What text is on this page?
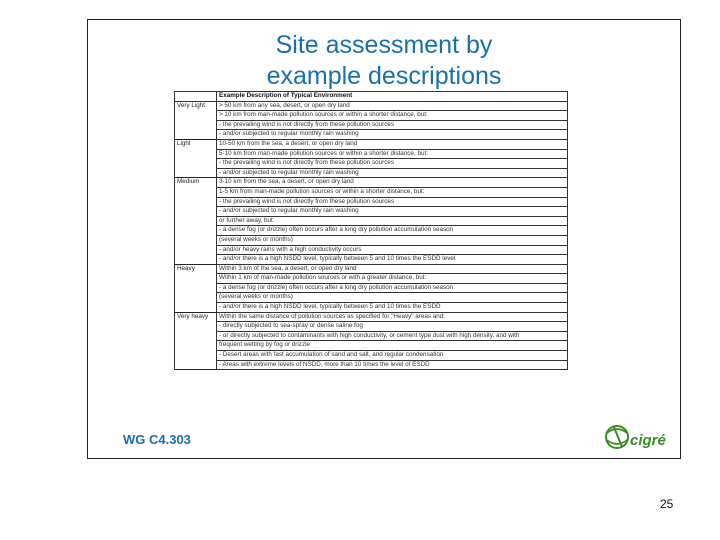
Site assessment by
example descriptions
	Example Description of Typical Environment
Very Light	> 50 km from any sea, desert, or open dry land
	> 10 km from man-made pollution sources or within a shorter distance, but:
	- the prevailing wind is not directly from these pollution sources
	- and/or subjected to regular monthly rain washing
Light	10-50 km from the sea, a desert, or open dry land
	5-10 km from man-made pollution sources or within a shorter distance, but:
	- the prevailing wind is not directly from these pollution sources
	- and/or subjected to regular monthly rain washing
Medium	3-10 km from the sea, a desert, or open dry land
	1-5 km from man-made pollution sources or within a shorter distance, but:
	- the prevailing wind is not directly from these pollution sources
	- and/or subjected to regular monthly rain washing
	or further away, but:
	- a dense fog (or drizzle) often occurs after a long dry pollution accumulation season
	(several weeks or months)
	- and/or heavy rains with a high conductivity occurs
	- and/or there is a high NSDD level, typically between 5 and 10 times the ESDD level
Heavy	Within 3 km of the sea, a desert, or open dry land
	Within 1 km of man-made pollution sources or with a greater distance, but:
	- a dense fog (or drizzle) often occurs after a long dry pollution accumulation season
	(several weeks or months)
	- and/or there is a high NSDD level, typically between 5 and 10 times the ESDD
Very heavy	Within the same distance of pollution sources as specified for "Heavy" areas and:
	- directly subjected to sea-spray or dense saline fog
	- or directly subjected to contaminants with high conductivity, or cement type dust with high density, and with
	frequent wetting by fog or drizzle
	- Desert areas with fast accumulation of sand and salt, and regular condensation
	- Areas with extreme levels of NSDD, more than 10 times the level of ESDD
WG C4.303	cigré
25
